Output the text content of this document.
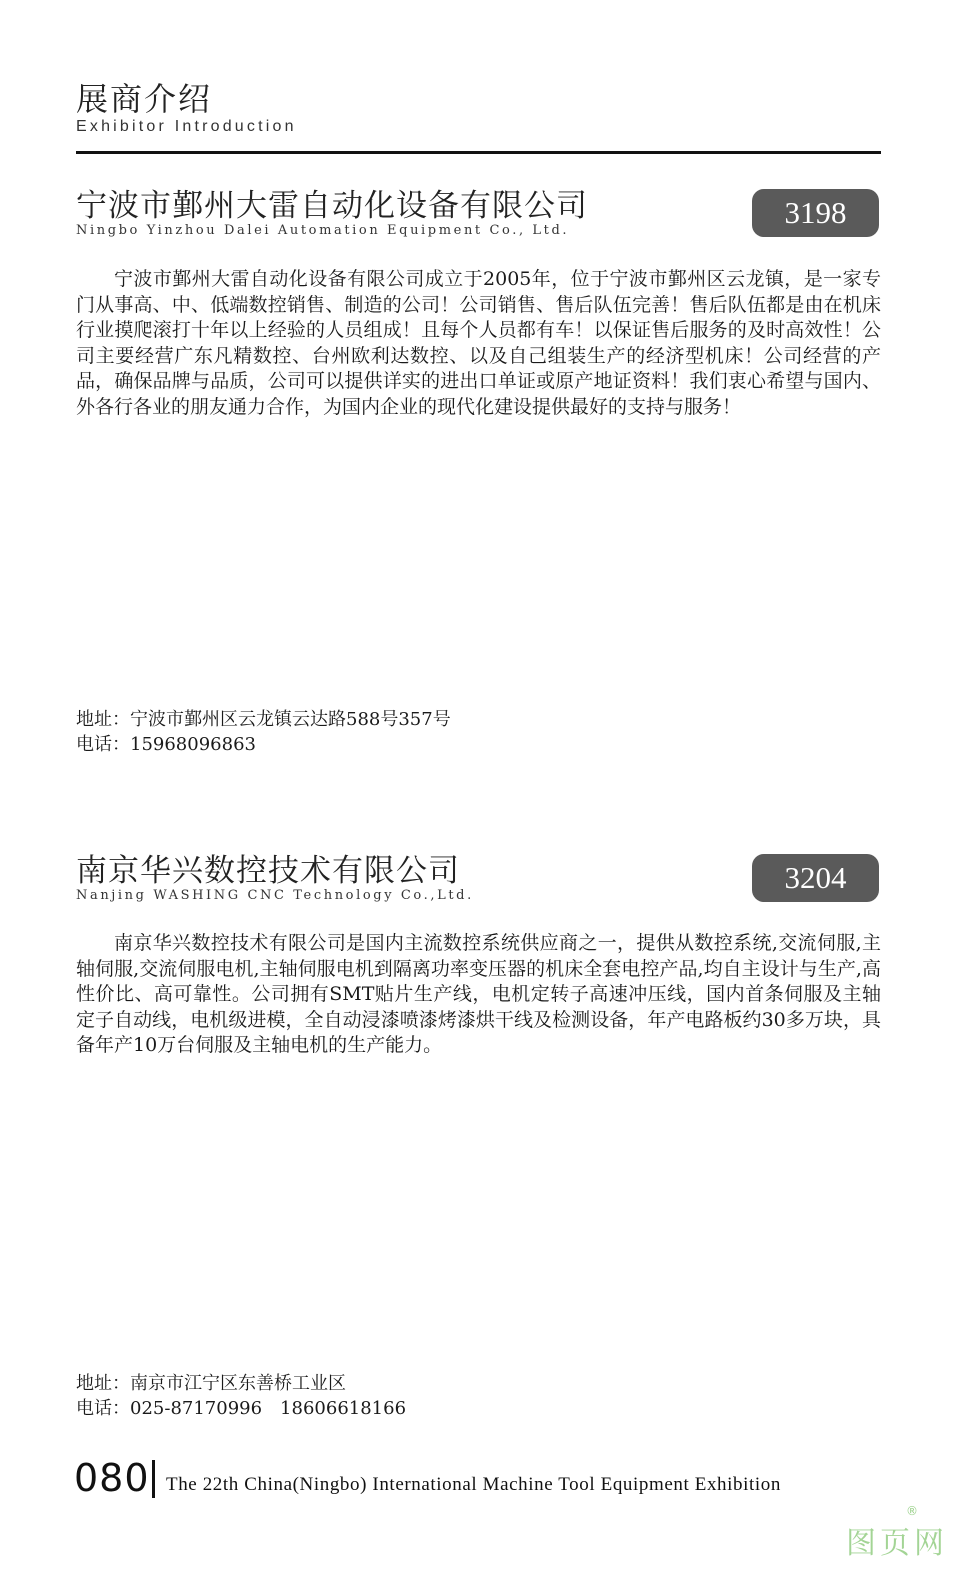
展商介绍
Exhibitor Introduction
宁波市鄞州大雷自动化设备有限公司
Ningbo Yinzhou Dalei Automation Equipment Co., Ltd.
3198
宁波市鄞州大雷自动化设备有限公司成立于2005年，位于宁波市鄞州区云龙镇，是一家专门从事高、中、低端数控销售、制造的公司！公司销售、售后队伍完善！售后队伍都是由在机床行业摸爬滚打十年以上经验的人员组成！且每个人员都有车！以保证售后服务的及时高效性！公司主要经营广东凡精数控、台州欧利达数控、以及自己组装生产的经济型机床！公司经营的产品，确保品牌与品质，公司可以提供详实的进出口单证或原产地证资料！我们衷心希望与国内、外各行各业的朋友通力合作，为国内企业的现代化建设提供最好的支持与服务！
地址：宁波市鄞州区云龙镇云达路588号357号
电话：15968096863
南京华兴数控技术有限公司
Nanjing WASHING CNC Technology Co.,Ltd.
3204
南京华兴数控技术有限公司是国内主流数控系统供应商之一，提供从数控系统,交流伺服,主轴伺服,交流伺服电机,主轴伺服电机到隔离功率变压器的机床全套电控产品,均自主设计与生产,高性价比、高可靠性。公司拥有SMT贴片生产线，电机定转子高速冲压线，国内首条伺服及主轴定子自动线，电机级进模，全自动浸漆喷漆烤漆烘干线及检测设备，年产电路板约30多万块，具备年产10万台伺服及主轴电机的生产能力。
地址：南京市江宁区东善桥工业区
电话：025-87170996　18606618166
080 The 22th China(Ningbo) International Machine Tool Equipment Exhibition
图页网
®
